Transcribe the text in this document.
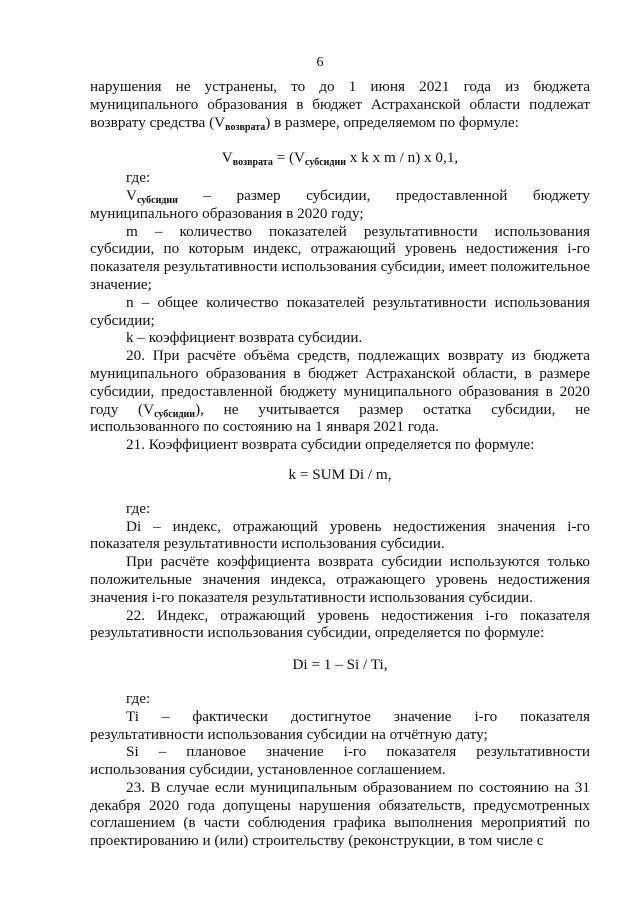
6

нарушения не устранены, то до 1 июня 2021 года из бюджета муниципального образования в бюджет Астраханской области подлежат возврату средства $(V_{возврата})$ в размере, определяемом по формуле:

$V_{возврата} = (V_{субсидии}$ x k x m / n) x 0,1,

где:

$V_{субсидии}$ – размер субсидии, предоставленной бюджету муниципального образования в 2020 году;

m – количество показателей результативности использования субсидии, по которым индекс, отражающий уровень недостижения i-го показателя результативности использования субсидии, имеет положительное значение;

n – общее количество показателей результативности использования субсидии;

k – коэффициент возврата субсидии.

20. При расчёте объёма средств, подлежащих возврату из бюджета муниципального образования в бюджет Астраханской области, в размере субсидии, предоставленной бюджету муниципального образования в 2020 году $(V_{субсидии})$, не учитывается размер остатка субсидии, не использованного по состоянию на 1 января 2021 года.

21. Коэффициент возврата субсидии определяется по формуле:

k = SUM Di / m,

где:

Di – индекс, отражающий уровень недостижения значения i-го показателя результативности использования субсидии.

При расчёте коэффициента возврата субсидии используются только положительные значения индекса, отражающего уровень недостижения значения i-го показателя результативности использования субсидии.

22. Индекс, отражающий уровень недостижения i-го показателя результативности использования субсидии, определяется по формуле:

Di = 1 – Si / Ti,

где:

Ti – фактически достигнутое значение i-го показателя результативности использования субсидии на отчётную дату;

Si – плановое значение i-го показателя результативности использования субсидии, установленное соглашением.

23. В случае если муниципальным образованием по состоянию на 31 декабря 2020 года допущены нарушения обязательств, предусмотренных соглашением (в части соблюдения графика выполнения мероприятий по проектированию и (или) строительству (реконструкции, в том числе с
